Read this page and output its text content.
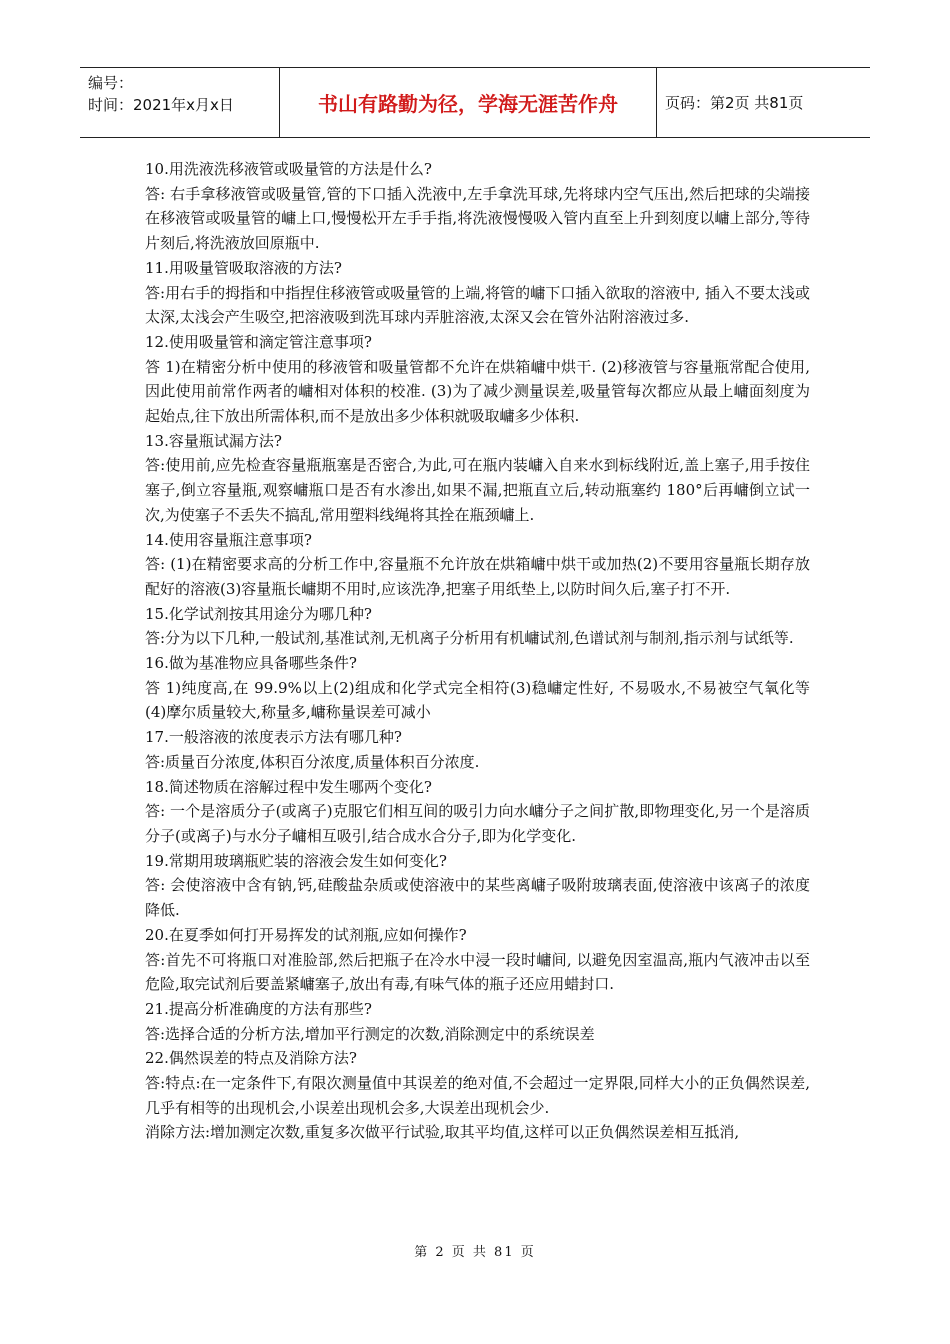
编号：
时间：2021年x月x日	书山有路勤为径，学海无涯苦作舟	页码：第2页 共81页

10.用洗液洗移液管或吸量管的方法是什么?

答: 右手拿移液管或吸量管,管的下口插入洗液中,左手拿洗耳球,先将球内空气压出,然后把球的尖端接在移液管或吸量管的㟾上口,慢慢松开左手手指,将洗液慢慢吸入管内直至上升到刻度以㟾上部分,等待片刻后,将洗液放回原瓶中.

11.用吸量管吸取溶液的方法?

答:用右手的拇指和中指捏住移液管或吸量管的上端,将管的㟾下口插入欲取的溶液中, 插入不要太浅或太深,太浅会产生吸空,把溶液吸到洗耳球内弄脏溶液,太深又会在管外沾附溶液过多.

12.使用吸量管和滴定管注意事项?

答 1)在精密分析中使用的移液管和吸量管都不允许在烘箱㟾中烘干. (2)移液管与容量瓶常配合使用,因此使用前常作两者的㟾相对体积的校准. (3)为了减少测量误差,吸量管每次都应从最上㟾面刻度为起始点,往下放出所需体积,而不是放出多少体积就吸取㟾多少体积.

13.容量瓶试漏方法?

答:使用前,应先检查容量瓶瓶塞是否密合,为此,可在瓶内装㟾入自来水到标线附近,盖上塞子,用手按住塞子,倒立容量瓶,观察㟾瓶口是否有水渗出,如果不漏,把瓶直立后,转动瓶塞约 180°后再㟾倒立试一次,为使塞子不丢失不搞乱,常用塑料线绳将其拴在瓶颈㟾上.

14.使用容量瓶注意事项?

答: (1)在精密要求高的分析工作中,容量瓶不允许放在烘箱㟾中烘干或加热(2)不要用容量瓶长期存放配好的溶液(3)容量瓶长㟾期不用时,应该洗净,把塞子用纸垫上,以防时间久后,塞子打不开.

15.化学试剂按其用途分为哪几种?

答:分为以下几种,一般试剂,基准试剂,无机离子分析用有机㟾试剂,色谱试剂与制剂,指示剂与试纸等.

16.做为基准物应具备哪些条件?

答 1)纯度高,在 99.9%以上(2)组成和化学式完全相符(3)稳㟾定性好, 不易吸水,不易被空气氧化等(4)摩尔质量较大,称量多,㟾称量误差可减小

17.一般溶液的浓度表示方法有哪几种?

答:质量百分浓度,体积百分浓度,质量体积百分浓度.

18.简述物质在溶解过程中发生哪两个变化?

答: 一个是溶质分子(或离子)克服它们相互间的吸引力向水㟾分子之间扩散,即物理变化,另一个是溶质分子(或离子)与水分子㟾相互吸引,结合成水合分子,即为化学变化.

19.常期用玻璃瓶贮装的溶液会发生如何变化?

答: 会使溶液中含有钠,钙,硅酸盐杂质或使溶液中的某些离㟾子吸附玻璃表面,使溶液中该离子的浓度降低.

20.在夏季如何打开易挥发的试剂瓶,应如何操作?

答:首先不可将瓶口对准脸部,然后把瓶子在冷水中浸一段时㟾间, 以避免因室温高,瓶内气液冲击以至危险,取完试剂后要盖紧㟾塞子,放出有毒,有味气体的瓶子还应用蜡封口.

21.提高分析准确度的方法有那些?

答:选择合适的分析方法,增加平行测定的次数,消除测定中的系统误差

22.偶然误差的特点及消除方法?

答:特点:在一定条件下,有限次测量值中其误差的绝对值,不会超过一定界限,同样大小的正负偶然误差,几乎有相等的出现机会,小误差出现机会多,大误差出现机会少.

消除方法:增加测定次数,重复多次做平行试验,取其平均值,这样可以正负偶然误差相互抵消,

第 2 页 共 81 页
